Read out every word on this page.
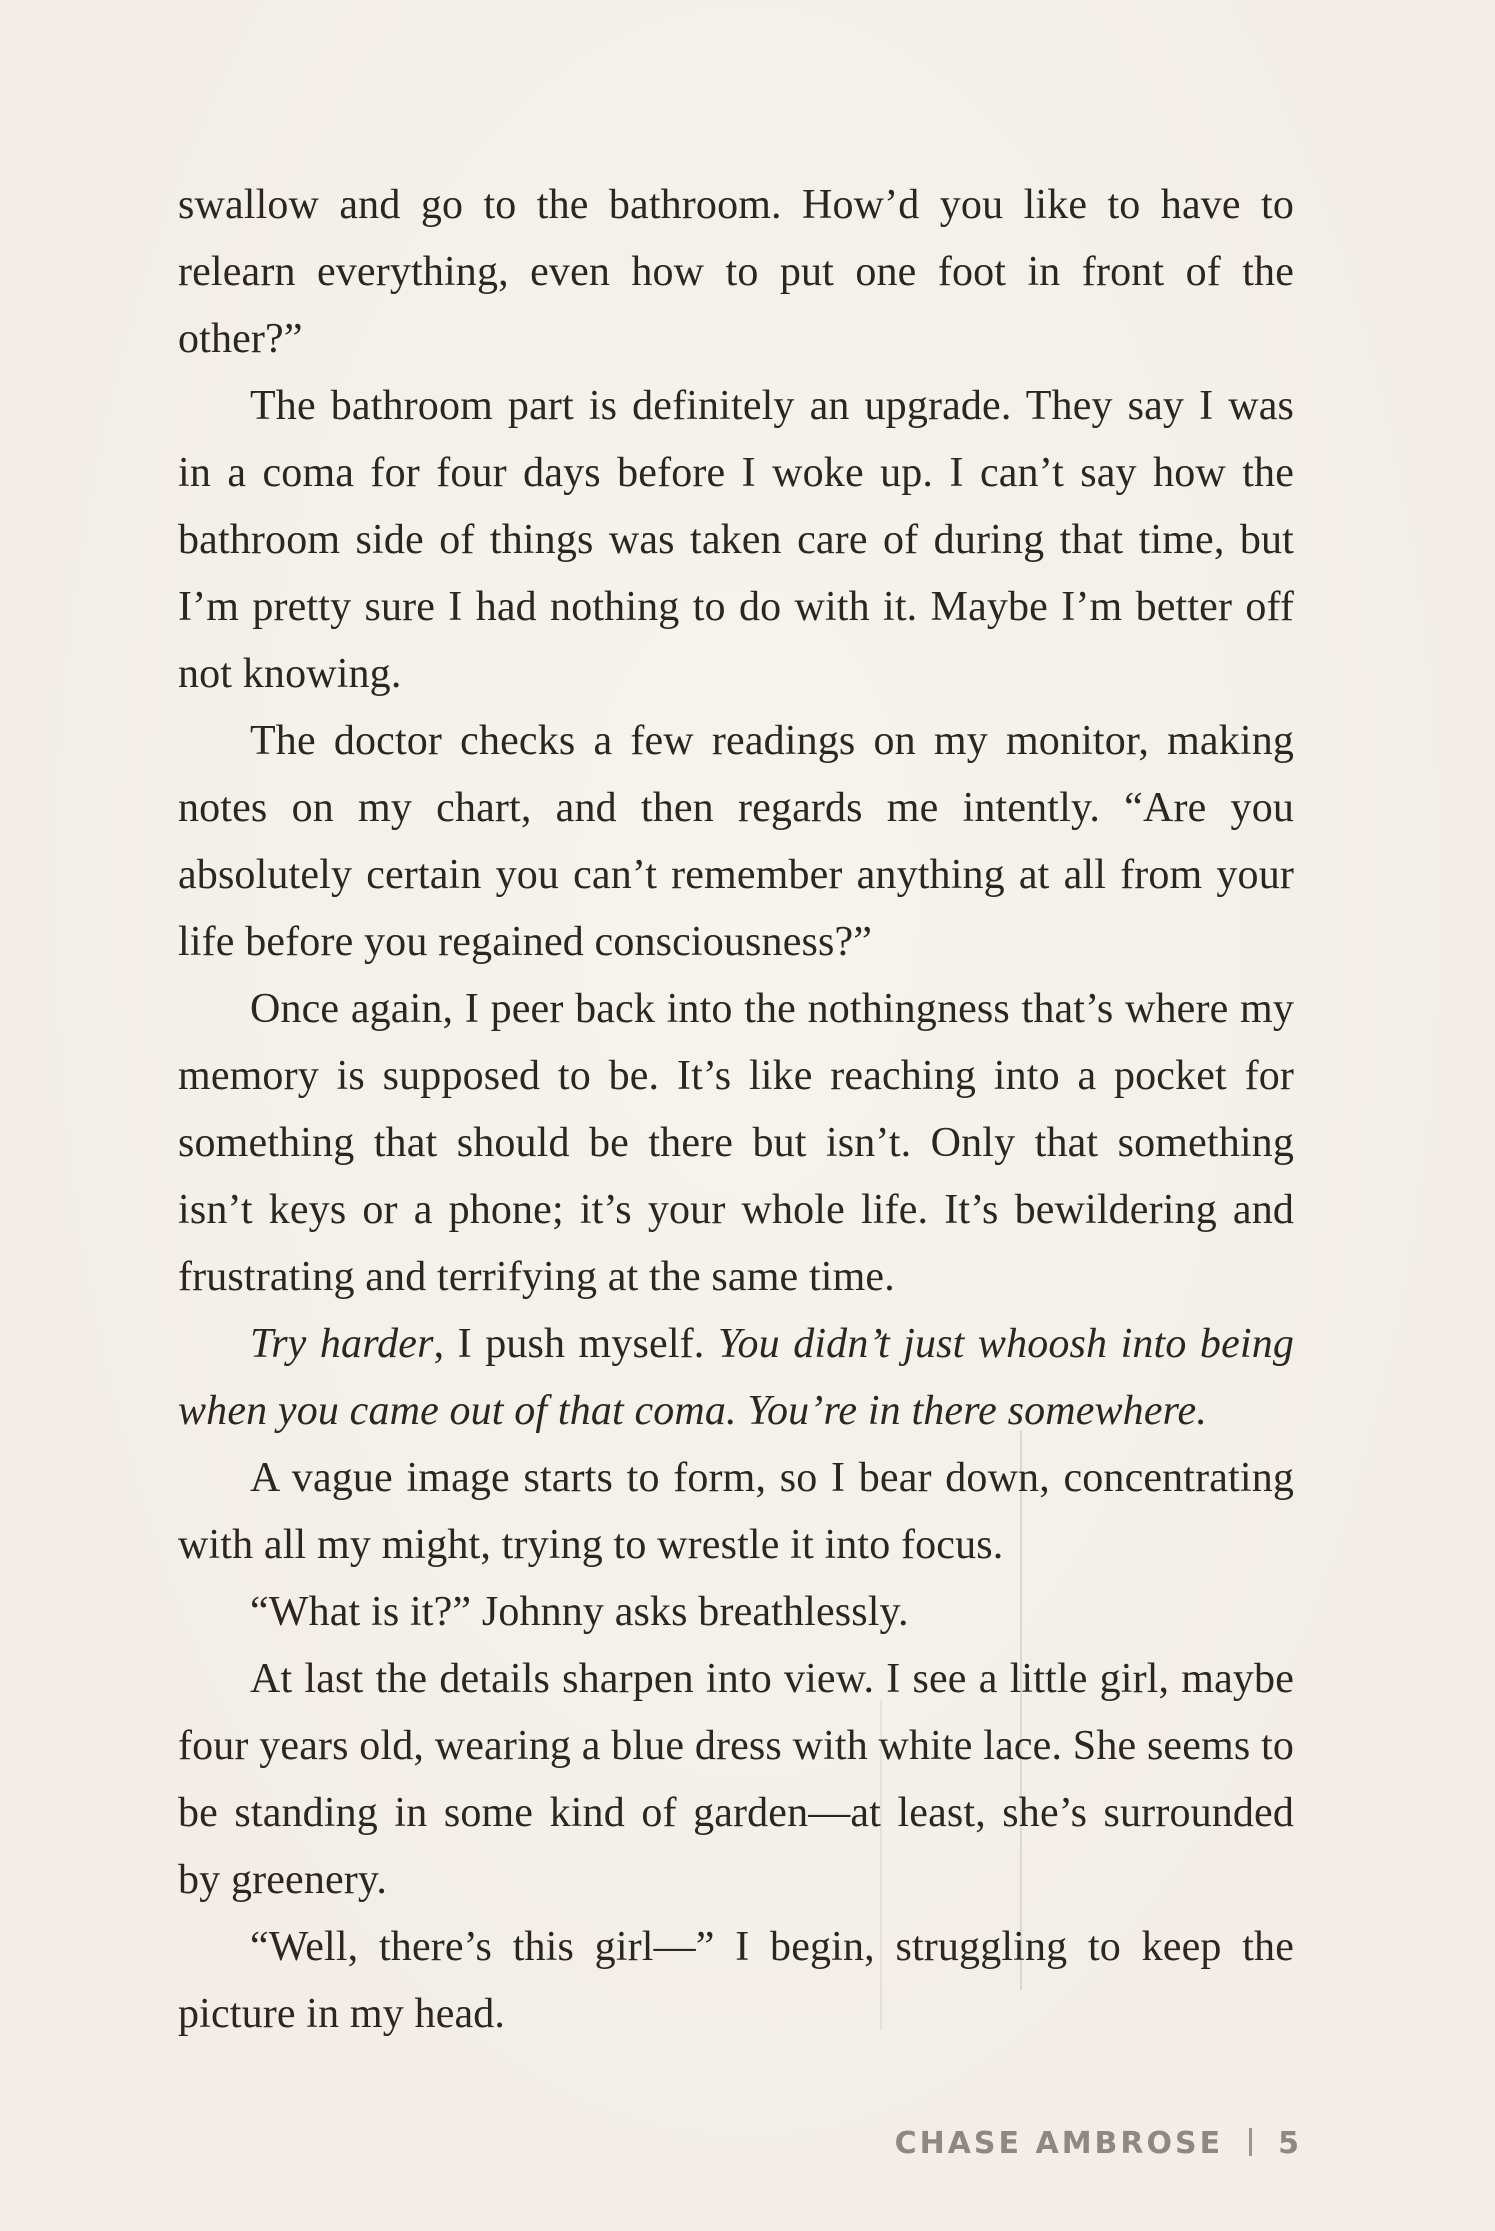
swallow and go to the bathroom. How’d you like to have to relearn everything, even how to put one foot in front of the other?”

The bathroom part is definitely an upgrade. They say I was in a coma for four days before I woke up. I can’t say how the bathroom side of things was taken care of during that time, but I’m pretty sure I had nothing to do with it. Maybe I’m better off not knowing.

The doctor checks a few readings on my monitor, making notes on my chart, and then regards me intently. “Are you absolutely certain you can’t remember anything at all from your life before you regained consciousness?”

Once again, I peer back into the nothingness that’s where my memory is supposed to be. It’s like reaching into a pocket for something that should be there but isn’t. Only that something isn’t keys or a phone; it’s your whole life. It’s bewildering and frustrating and terrifying at the same time.

Try harder, I push myself. You didn’t just whoosh into being when you came out of that coma. You’re in there somewhere.

A vague image starts to form, so I bear down, concentrating with all my might, trying to wrestle it into focus.

“What is it?” Johnny asks breathlessly.

At last the details sharpen into view. I see a little girl, maybe four years old, wearing a blue dress with white lace. She seems to be standing in some kind of garden—at least, she’s surrounded by greenery.

“Well, there’s this girl—” I begin, struggling to keep the picture in my head.

CHASE AMBROSE 5
